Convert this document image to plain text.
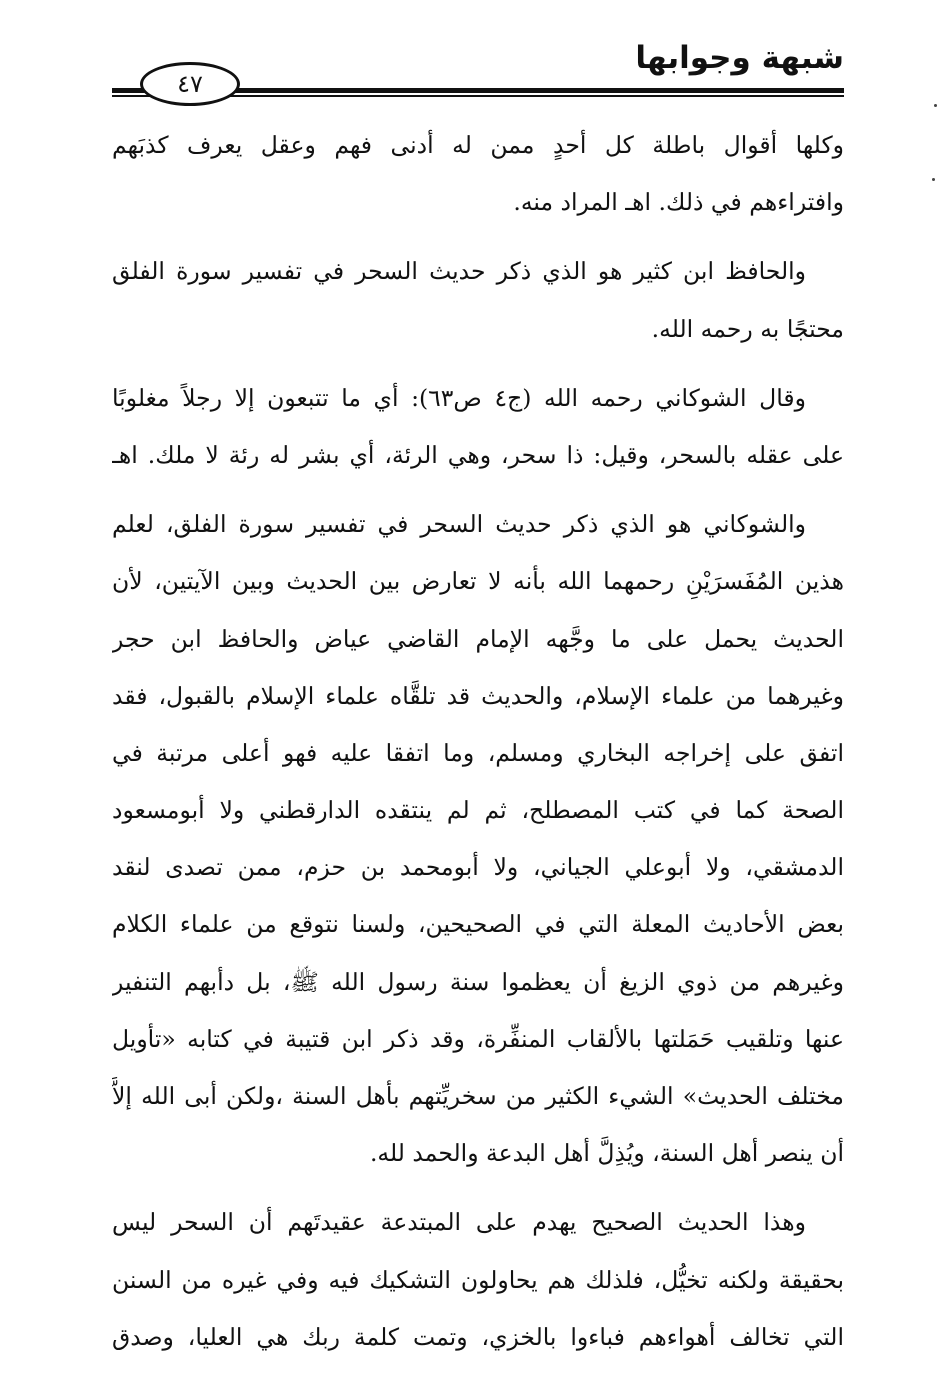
شبهة وجوابها
٤٧
وكلها أقوال باطلة كل أحدٍ ممن له أدنى فهم وعقل يعرف كذبَهم
وافتراءهم في ذلك. اهـ المراد منه.
والحافظ ابن كثير هو الذي ذكر حديث السحر في تفسير سورة الفلق
محتجًا به رحمه الله.
وقال الشوكاني رحمه الله (ج٤ ص٦٣): أي ما تتبعون إلا رجلاً مغلوبًا
على عقله بالسحر، وقيل: ذا سحر، وهي الرئة، أي بشر له رئة لا ملك. اهـ
والشوكاني هو الذي ذكر حديث السحر في تفسير سورة الفلق، لعلم
هذين المُفَسرَيْنِ رحمهما الله بأنه لا تعارض بين الحديث وبين الآيتين، لأن
الحديث يحمل على ما وجَّهه الإمام القاضي عياض والحافظ ابن حجر
وغيرهما من علماء الإسلام، والحديث قد تلقَّاه علماء الإسلام بالقبول، فقد
اتفق على إخراجه البخاري ومسلم، وما اتفقا عليه فهو أعلى مرتبة في
الصحة كما في كتب المصطلح، ثم لم ينتقده الدارقطني ولا أبومسعود
الدمشقي، ولا أبوعلي الجياني، ولا أبومحمد بن حزم، ممن تصدى لنقد
بعض الأحاديث المعلة التي في الصحيحين، ولسنا نتوقع من علماء الكلام
وغيرهم من ذوي الزيغ أن يعظموا سنة رسول الله ﷺ، بل دأبهم التنفير
عنها وتلقيب حَمَلتها بالألقاب المنفِّرة، وقد ذكر ابن قتيبة في كتابه «تأويل
مختلف الحديث» الشيء الكثير من سخريِّتهم بأهل السنة ،ولكن أبى الله إلاَّ
أن ينصر أهل السنة، ويُذِلَّ أهل البدعة والحمد لله.
وهذا الحديث الصحيح يهدم على المبتدعة عقيدتَهم أن السحر ليس
بحقيقة ولكنه تخيُّل، فلذلك هم يحاولون التشكيك فيه وفي غيره من السنن
التي تخالف أهواءهم فباءوا بالخزي، وتمت كلمة ربك هي العليا، وصدق
